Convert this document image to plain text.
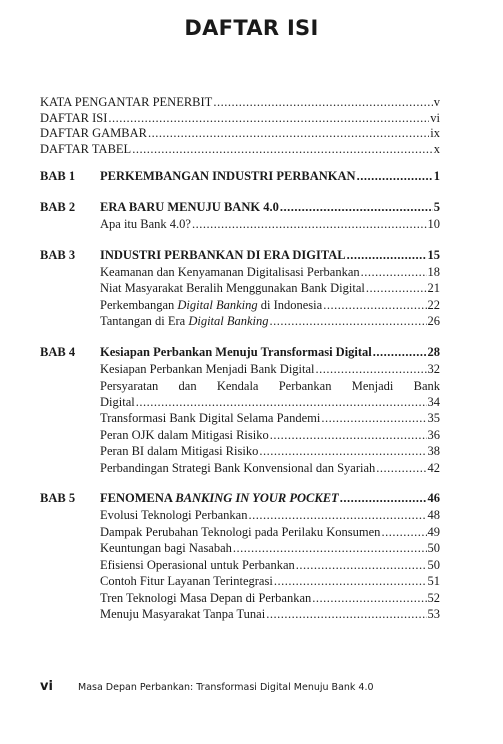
DAFTAR ISI
KATA PENGANTAR PENERBIT .....	v
DAFTAR ISI .....	vi
DAFTAR GAMBAR .....	ix
DAFTAR TABEL .....	x
BAB 1	PERKEMBANGAN INDUSTRI PERBANKAN .....	1
BAB 2	ERA BARU MENUJU BANK 4.0 .....	5
Apa itu Bank 4.0? .....	10
BAB 3	INDUSTRI PERBANKAN DI ERA DIGITAL .....	15
Keamanan dan Kenyamanan Digitalisasi Perbankan .....	18
Niat Masyarakat Beralih Menggunakan Bank Digital .....	21
Perkembangan Digital Banking di Indonesia .....	22
Tantangan di Era Digital Banking .....	26
BAB 4	Kesiapan Perbankan Menuju Transformasi Digital .....	28
Kesiapan Perbankan Menjadi Bank Digital .....	32
Persyaratan dan Kendala Perbankan Menjadi Bank
Digital .....	34
Transformasi Bank Digital Selama Pandemi .....	35
Peran OJK dalam Mitigasi Risiko .....	36
Peran BI dalam Mitigasi Risiko .....	38
Perbandingan Strategi Bank Konvensional dan Syariah .....	42
BAB 5	FENOMENA BANKING IN YOUR POCKET .....	46
Evolusi Teknologi Perbankan .....	48
Dampak Perubahan Teknologi pada Perilaku Konsumen .....	49
Keuntungan bagi Nasabah .....	50
Efisiensi Operasional untuk Perbankan .....	50
Contoh Fitur Layanan Terintegrasi .....	51
Tren Teknologi Masa Depan di Perbankan .....	52
Menuju Masyarakat Tanpa Tunai .....	53
vi	Masa Depan Perbankan: Transformasi Digital Menuju Bank 4.0
